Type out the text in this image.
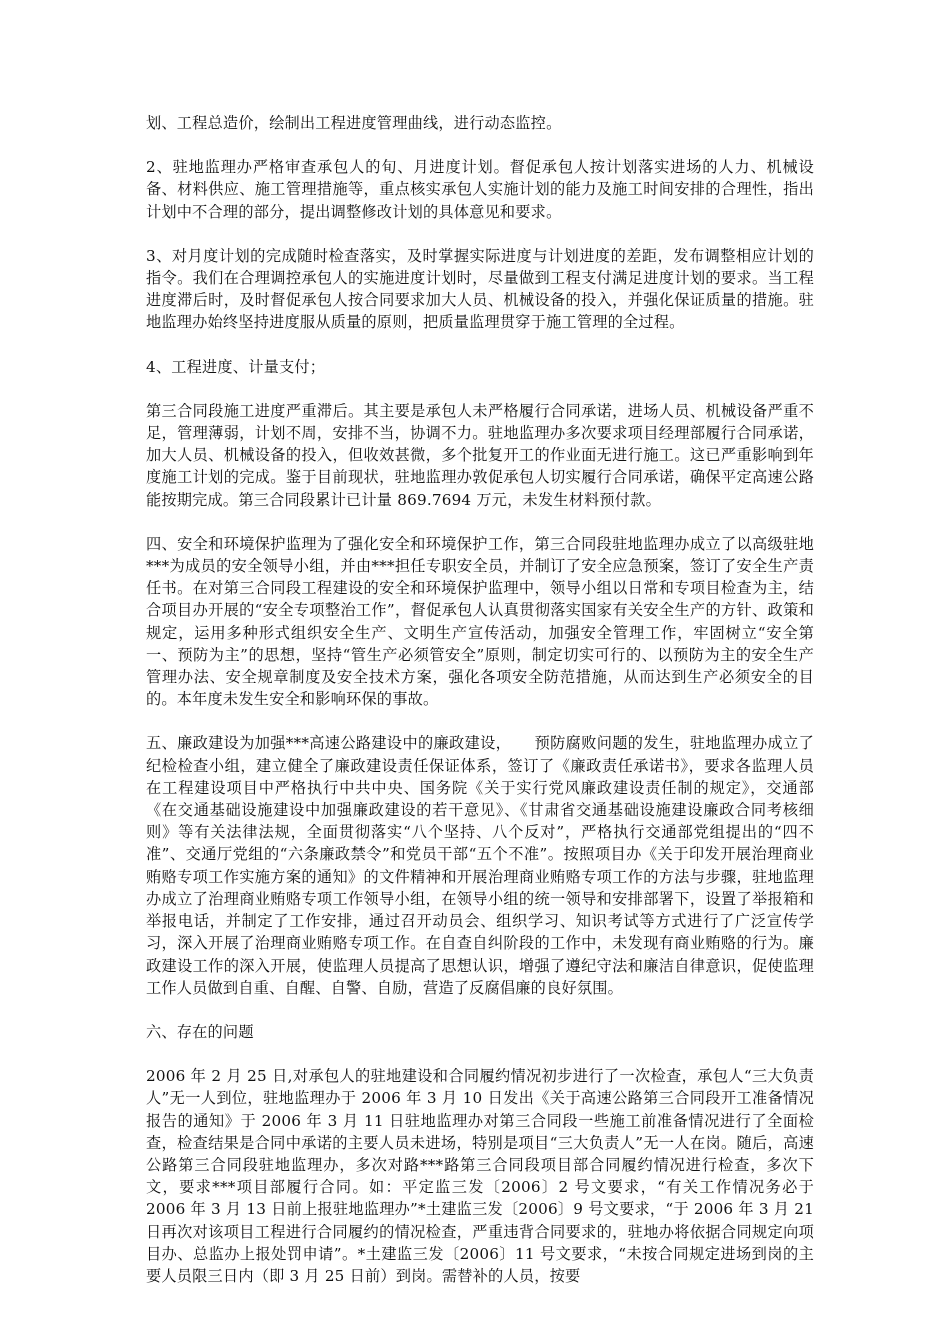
划、工程总造价，绘制出工程进度管理曲线，进行动态监控。

2、驻地监理办严格审查承包人的旬、月进度计划。督促承包人按计划落实进场的人力、机械设备、材料供应、施工管理措施等，重点核实承包人实施计划的能力及施工时间安排的合理性，指出计划中不合理的部分，提出调整修改计划的具体意见和要求。

3、对月度计划的完成随时检查落实，及时掌握实际进度与计划进度的差距，发布调整相应计划的指令。我们在合理调控承包人的实施进度计划时，尽量做到工程支付满足进度计划的要求。当工程进度滞后时，及时督促承包人按合同要求加大人员、机械设备的投入，并强化保证质量的措施。驻地监理办始终坚持进度服从质量的原则，把质量监理贯穿于施工管理的全过程。

4、工程进度、计量支付；

第三合同段施工进度严重滞后。其主要是承包人未严格履行合同承诺，进场人员、机械设备严重不足，管理薄弱，计划不周，安排不当，协调不力。驻地监理办多次要求项目经理部履行合同承诺，加大人员、机械设备的投入，但收效甚微，多个批复开工的作业面无进行施工。这已严重影响到年度施工计划的完成。鉴于目前现状，驻地监理办敦促承包人切实履行合同承诺，确保平定高速公路能按期完成。第三合同段累计已计量 869.7694 万元，未发生材料预付款。

四、安全和环境保护监理为了强化安全和环境保护工作，第三合同段驻地监理办成立了以高级驻地***为成员的安全领导小组，并由***担任专职安全员，并制订了安全应急预案，签订了安全生产责任书。在对第三合同段工程建设的安全和环境保护监理中，领导小组以日常和专项目检查为主，结合项目办开展的“安全专项整治工作”，督促承包人认真贯彻落实国家有关安全生产的方针、政策和规定，运用多种形式组织安全生产、文明生产宣传活动，加强安全管理工作，牢固树立“安全第一、预防为主”的思想，坚持“管生产必须管安全”原则，制定切实可行的、以预防为主的安全生产管理办法、安全规章制度及安全技术方案，强化各项安全防范措施，从而达到生产必须安全的目的。本年度未发生安全和影响环保的事故。

五、廉政建设为加强***高速公路建设中的廉政建设，　　预防腐败问题的发生，驻地监理办成立了纪检检查小组，建立健全了廉政建设责任保证体系，签订了《廉政责任承诺书》，要求各监理人员在工程建设项目中严格执行中共中央、国务院《关于实行党风廉政建设责任制的规定》，交通部《在交通基础设施建设中加强廉政建设的若干意见》、《甘肃省交通基础设施建设廉政合同考核细则》等有关法律法规，全面贯彻落实“八个坚持、八个反对”，严格执行交通部党组提出的“四不准”、交通厅党组的“六条廉政禁令”和党员干部“五个不准”。按照项目办《关于印发开展治理商业贿赂专项工作实施方案的通知》的文件精神和开展治理商业贿赂专项工作的方法与步骤，驻地监理办成立了治理商业贿赂专项工作领导小组，在领导小组的统一领导和安排部署下，设置了举报箱和举报电话，并制定了工作安排，通过召开动员会、组织学习、知识考试等方式进行了广泛宣传学习，深入开展了治理商业贿赂专项工作。在自查自纠阶段的工作中，未发现有商业贿赂的行为。廉政建设工作的深入开展，使监理人员提高了思想认识，增强了遵纪守法和廉洁自律意识，促使监理工作人员做到自重、自醒、自警、自励，营造了反腐倡廉的良好氛围。

六、存在的问题

2006 年 2 月 25 日,对承包人的驻地建设和合同履约情况初步进行了一次检查，承包人“三大负责人”无一人到位，驻地监理办于 2006 年 3 月 10 日发出《关于高速公路第三合同段开工准备情况报告的通知》于 2006 年 3 月 11 日驻地监理办对第三合同段一些施工前准备情况进行了全面检查，检查结果是合同中承诺的主要人员未进场，特别是项目“三大负责人”无一人在岗。随后，高速公路第三合同段驻地监理办，多次对路***路第三合同段项目部合同履约情况进行检查，多次下文，要求***项目部履行合同。如：平定监三发〔2006〕2 号文要求，“有关工作情况务必于 2006 年 3 月 13 日前上报驻地监理办”*土建监三发〔2006〕9 号文要求，“于 2006 年 3 月 21 日再次对该项目工程进行合同履约的情况检查，严重违背合同要求的，驻地办将依据合同规定向项目办、总监办上报处罚申请”。*土建监三发〔2006〕11 号文要求，“未按合同规定进场到岗的主要人员限三日内（即 3 月 25 日前）到岗。需替补的人员，按要
